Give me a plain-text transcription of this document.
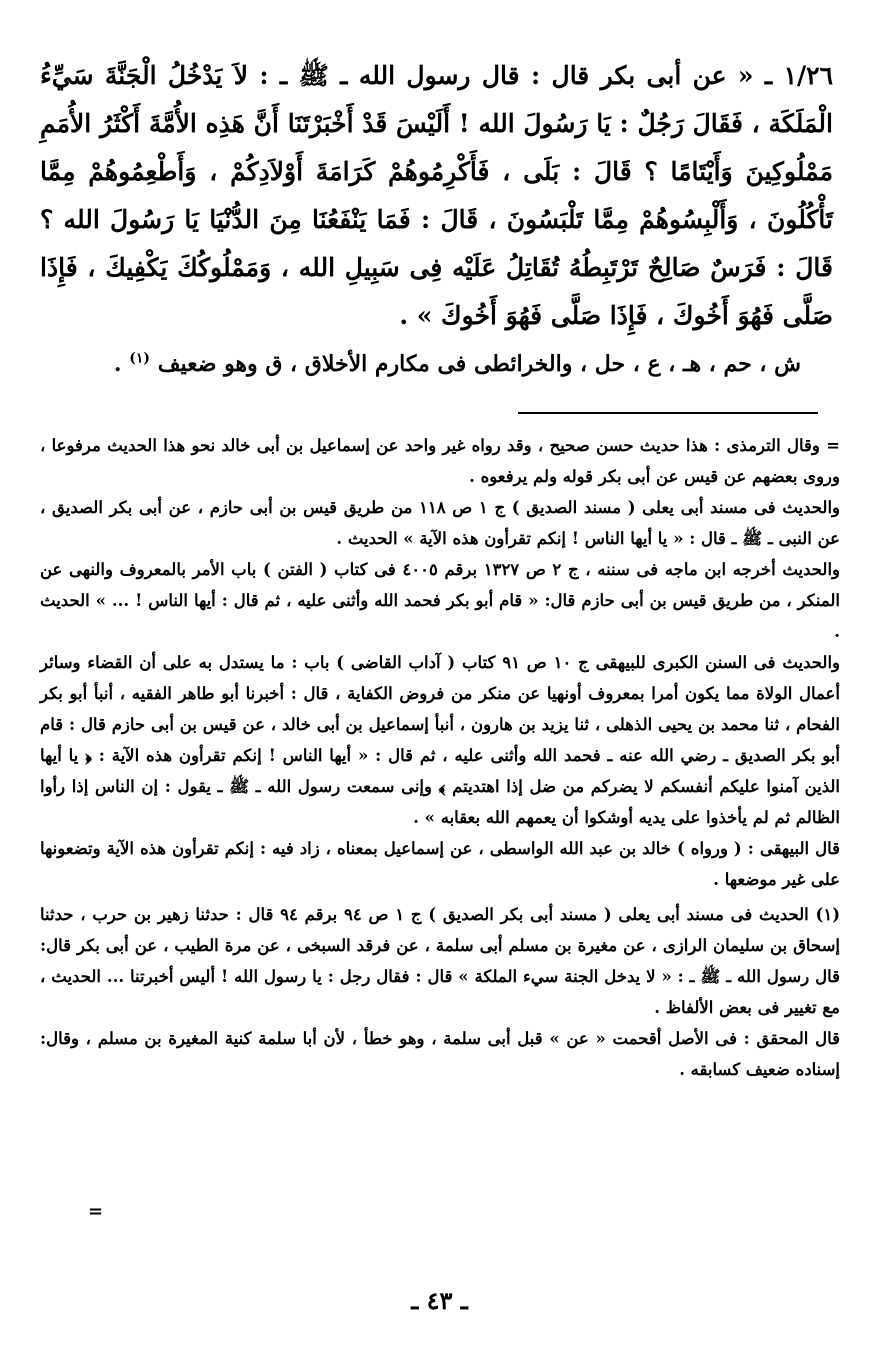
١/٢٦ ـ « عن أبى بكر قال : قال رسول الله ـ ﷺ ـ : لاَ يَدْخُلُ الْجَنَّةَ سَيِّءُ الْمَلَكَة ، فَقَالَ رَجُلٌ : يَا رَسُولَ الله ! أَلَيْسَ قَدْ أَخْبَرْتَنَا أَنَّ هَذِه الأُمَّةَ أَكْثَرُ الأُمَمِ مَمْلُوكِينَ وَأَيْتَامًا ؟ قَالَ : بَلَى ، فَأَكْرِمُوهُمْ كَرَامَةَ أَوْلاَدِكُمْ ، وَأَطْعِمُوهُمْ مِمَّا تَأْكُلُونَ ، وَأَلْبِسُوهُمْ مِمَّا تَلْبَسُونَ ، قَالَ : فَمَا يَنْفَعُنَا مِنَ الدُّنْيَا يَا رَسُولَ الله ؟ قَالَ : فَرَسٌ صَالِحٌ تَرْتَبِطُهُ تُقَاتِلُ عَلَيْه فِى سَبِيلِ الله ، وَمَمْلُوكُكَ يَكْفِيكَ ، فَإِذَا صَلَّى فَهُوَ أَخُوكَ ، فَإِذَا صَلَّى فَهُوَ أَخُوكَ » .

ش ، حم ، هـ ، ع ، حل ، والخرائطى فى مكارم الأخلاق ، ق وهو ضعيف $^{(١)}$ .

= وقال الترمذى : هذا حديث حسن صحيح ، وقد رواه غير واحد عن إسماعيل بن أبى خالد نحو هذا الحديث مرفوعا ، وروى بعضهم عن قيس عن أبى بكر قوله ولم يرفعوه .

والحديث فى مسند أبى يعلى ( مسند الصديق ) ج ١ ص ١١٨ من طريق قيس بن أبى حازم ، عن أبى بكر الصديق ، عن النبى ـ ﷺ ـ قال : « يا أيها الناس ! إنكم تقرأون هذه الآية » الحديث .

والحديث أخرجه ابن ماجه فى سننه ، ج ٢ ص ١٣٢٧ برقم ٤٠٠٥ فى كتاب ( الفتن ) باب الأمر بالمعروف والنهى عن المنكر ، من طريق قيس بن أبى حازم قال: « قام أبو بكر فحمد الله وأثنى عليه ، ثم قال : أيها الناس ! ... » الحديث .

والحديث فى السنن الكبرى للبيهقى ج ١٠ ص ٩١ كتاب ( آداب القاضى ) باب : ما يستدل به على أن القضاء وسائر أعمال الولاة مما يكون أمرا بمعروف أونهيا عن منكر من فروض الكفاية ، قال : أخبرنا أبو طاهر الفقيه ، أنبأ أبو بكر الفحام ، ثنا محمد بن يحيى الذهلى ، ثنا يزيد بن هارون ، أنبأ إسماعيل بن أبى خالد ، عن قيس بن أبى حازم قال : قام أبو بكر الصديق ـ رضي الله عنه ـ فحمد الله وأثنى عليه ، ثم قال : « أيها الناس ! إنكم تقرأون هذه الآية : ﴿ يا أيها الذين آمنوا عليكم أنفسكم لا يضركم من ضل إذا اهتديتم ﴾ وإنى سمعت رسول الله ـ ﷺ ـ يقول : إن الناس إذا رأوا الظالم ثم لم يأخذوا على يديه أوشكوا أن يعمهم الله بعقابه » .

قال البيهقى : ( ورواه ) خالد بن عبد الله الواسطى ، عن إسماعيل بمعناه ، زاد فيه : إنكم تقرأون هذه الآية وتضعونها على غير موضعها .

(١) الحديث فى مسند أبى يعلى ( مسند أبى بكر الصديق ) ج ١ ص ٩٤ برقم ٩٤ قال : حدثنا زهير بن حرب ، حدثنا إسحاق بن سليمان الرازى ، عن مغيرة بن مسلم أبى سلمة ، عن فرقد السبخى ، عن مرة الطيب ، عن أبى بكر قال: قال رسول الله ـ ﷺ ـ : « لا يدخل الجنة سيء الملكة » قال : فقال رجل : يا رسول الله ! أليس أخبرتنا ... الحديث ، مع تغيير فى بعض الألفاظ .

قال المحقق : فى الأصل أقحمت « عن » قبل أبى سلمة ، وهو خطأ ، لأن أبا سلمة كنية المغيرة بن مسلم ، وقال: إسناده ضعيف كسابقه .

=
ـ ٤٣ ـ
